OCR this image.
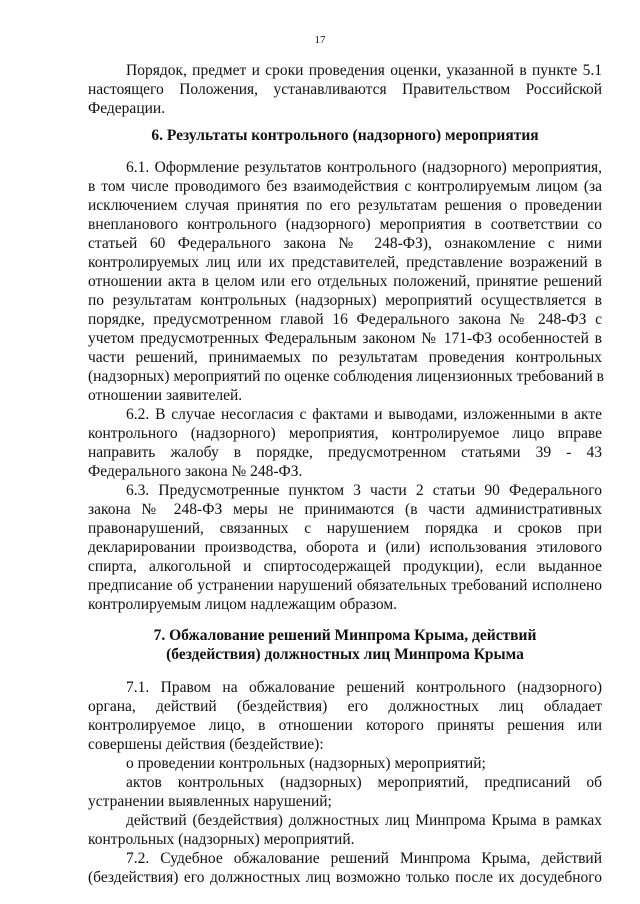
17
Порядок, предмет и сроки проведения оценки, указанной в пункте 5.1
настоящего Положения, устанавливаются Правительством Российской
Федерации.
6. Результаты контрольного (надзорного) мероприятия
6.1. Оформление результатов контрольного (надзорного) мероприятия,
в том числе проводимого без взаимодействия с контролируемым лицом (за
исключением случая принятия по его результатам решения о проведении
внепланового контрольного (надзорного) мероприятия в соответствии со
статьей 60 Федерального закона № 248-ФЗ), ознакомление с ними
контролируемых лиц или их представителей, представление возражений в
отношении акта в целом или его отдельных положений, принятие решений
по результатам контрольных (надзорных) мероприятий осуществляется в
порядке, предусмотренном главой 16 Федерального закона № 248-ФЗ с
учетом предусмотренных Федеральным законом № 171-ФЗ особенностей в
части решений, принимаемых по результатам проведения контрольных
(надзорных) мероприятий по оценке соблюдения лицензионных требований в
отношении заявителей.
6.2. В случае несогласия с фактами и выводами, изложенными в акте
контрольного (надзорного) мероприятия, контролируемое лицо вправе
направить жалобу в порядке, предусмотренном статьями 39 - 43
Федерального закона № 248-ФЗ.
6.3. Предусмотренные пунктом 3 части 2 статьи 90 Федерального
закона № 248-ФЗ меры не принимаются (в части административных
правонарушений, связанных с нарушением порядка и сроков при
декларировании производства, оборота и (или) использования этилового
спирта, алкогольной и спиртосодержащей продукции), если выданное
предписание об устранении нарушений обязательных требований исполнено
контролируемым лицом надлежащим образом.
7. Обжалование решений Минпрома Крыма, действий
(бездействия) должностных лиц Минпрома Крыма
7.1. Правом на обжалование решений контрольного (надзорного)
органа, действий (бездействия) его должностных лиц обладает
контролируемое лицо, в отношении которого приняты решения или
совершены действия (бездействие):
о проведении контрольных (надзорных) мероприятий;
актов контрольных (надзорных) мероприятий, предписаний об
устранении выявленных нарушений;
действий (бездействия) должностных лиц Минпрома Крыма в рамках
контрольных (надзорных) мероприятий.
7.2. Судебное обжалование решений Минпрома Крыма, действий
(бездействия) его должностных лиц возможно только после их досудебного
